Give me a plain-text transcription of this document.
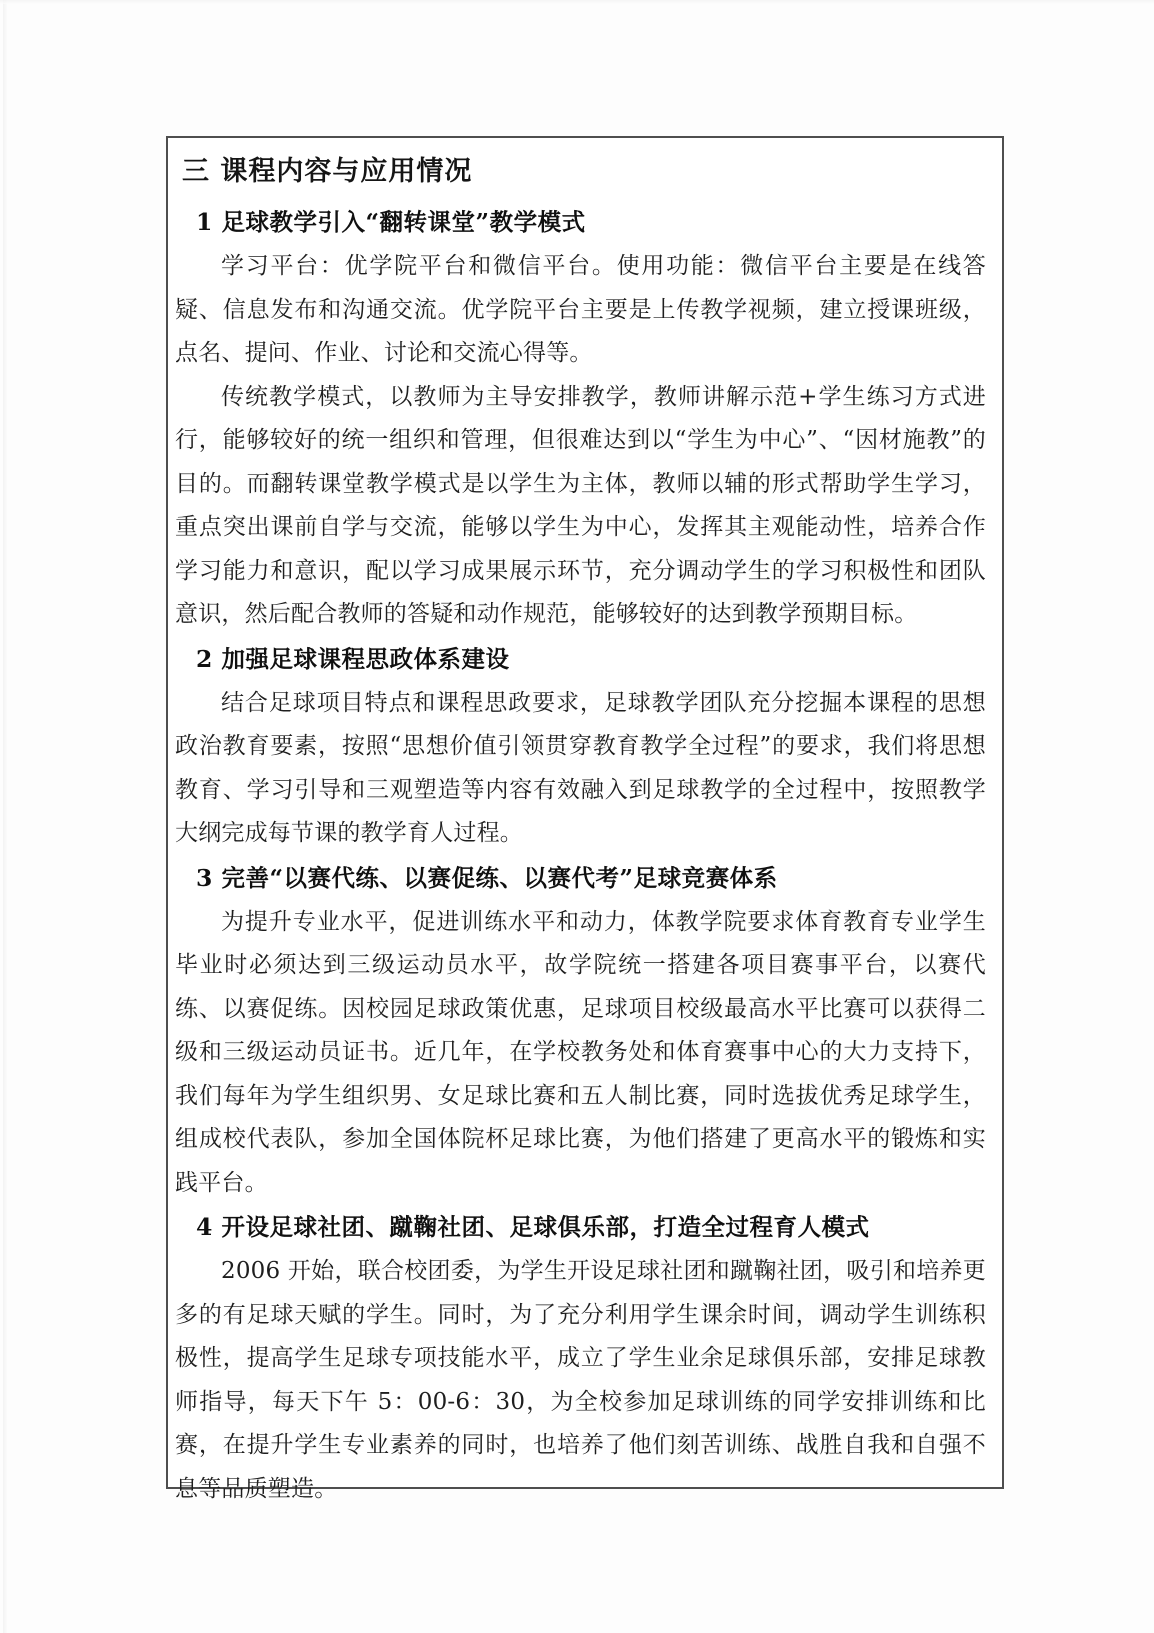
三 课程内容与应用情况
1 足球教学引入“翻转课堂”教学模式

学习平台：优学院平台和微信平台。使用功能：微信平台主要是在线答疑、信息发布和沟通交流。优学院平台主要是上传教学视频，建立授课班级，点名、提问、作业、讨论和交流心得等。

传统教学模式，以教师为主导安排教学，教师讲解示范+学生练习方式进行，能够较好的统一组织和管理，但很难达到以“学生为中心”、“因材施教”的目的。而翻转课堂教学模式是以学生为主体，教师以辅的形式帮助学生学习，重点突出课前自学与交流，能够以学生为中心，发挥其主观能动性，培养合作学习能力和意识，配以学习成果展示环节，充分调动学生的学习积极性和团队意识，然后配合教师的答疑和动作规范，能够较好的达到教学预期目标。

2 加强足球课程思政体系建设

结合足球项目特点和课程思政要求，足球教学团队充分挖掘本课程的思想政治教育要素，按照“思想价值引领贯穿教育教学全过程”的要求，我们将思想教育、学习引导和三观塑造等内容有效融入到足球教学的全过程中，按照教学大纲完成每节课的教学育人过程。

3 完善“以赛代练、以赛促练、以赛代考”足球竞赛体系

为提升专业水平，促进训练水平和动力，体教学院要求体育教育专业学生毕业时必须达到三级运动员水平，故学院统一搭建各项目赛事平台，以赛代练、以赛促练。因校园足球政策优惠，足球项目校级最高水平比赛可以获得二级和三级运动员证书。近几年，在学校教务处和体育赛事中心的大力支持下，我们每年为学生组织男、女足球比赛和五人制比赛，同时选拔优秀足球学生，组成校代表队，参加全国体院杯足球比赛，为他们搭建了更高水平的锻炼和实践平台。

4 开设足球社团、蹴鞠社团、足球俱乐部，打造全过程育人模式

2006 开始，联合校团委，为学生开设足球社团和蹴鞠社团，吸引和培养更多的有足球天赋的学生。同时，为了充分利用学生课余时间，调动学生训练积极性，提高学生足球专项技能水平，成立了学生业余足球俱乐部，安排足球教师指导，每天下午 5：00-6：30，为全校参加足球训练的同学安排训练和比赛，在提升学生专业素养的同时，也培养了他们刻苦训练、战胜自我和自强不息等品质塑造。
